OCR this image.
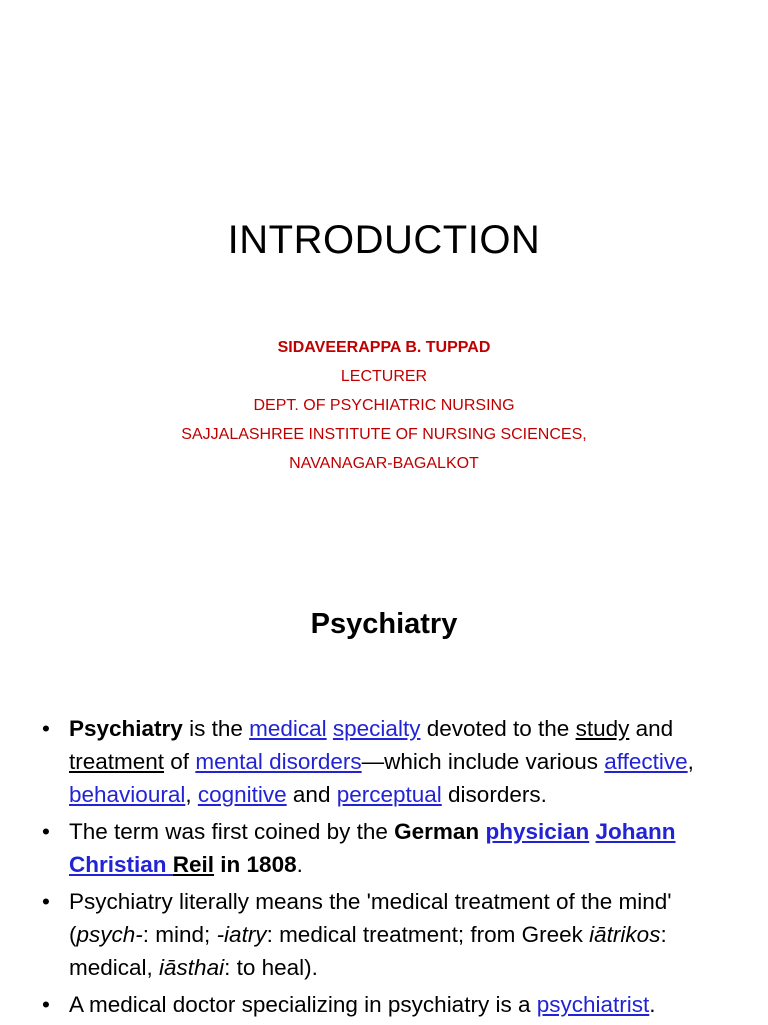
INTRODUCTION
SIDAVEERAPPA B. TUPPAD
LECTURER
DEPT. OF PSYCHIATRIC NURSING
SAJJALASHREE INSTITUTE OF NURSING SCIENCES,
NAVANAGAR-BAGALKOT
Psychiatry
• Psychiatry is the medical specialty devoted to the study and treatment of mental disorders—which include various affective, behavioural, cognitive and perceptual disorders.
• The term was first coined by the German physician Johann Christian Reil in 1808.
• Psychiatry literally means the 'medical treatment of the mind' (psych-: mind; -iatry: medical treatment; from Greek iātrikos: medical, iāsthai: to heal).
• A medical doctor specializing in psychiatry is a psychiatrist.
